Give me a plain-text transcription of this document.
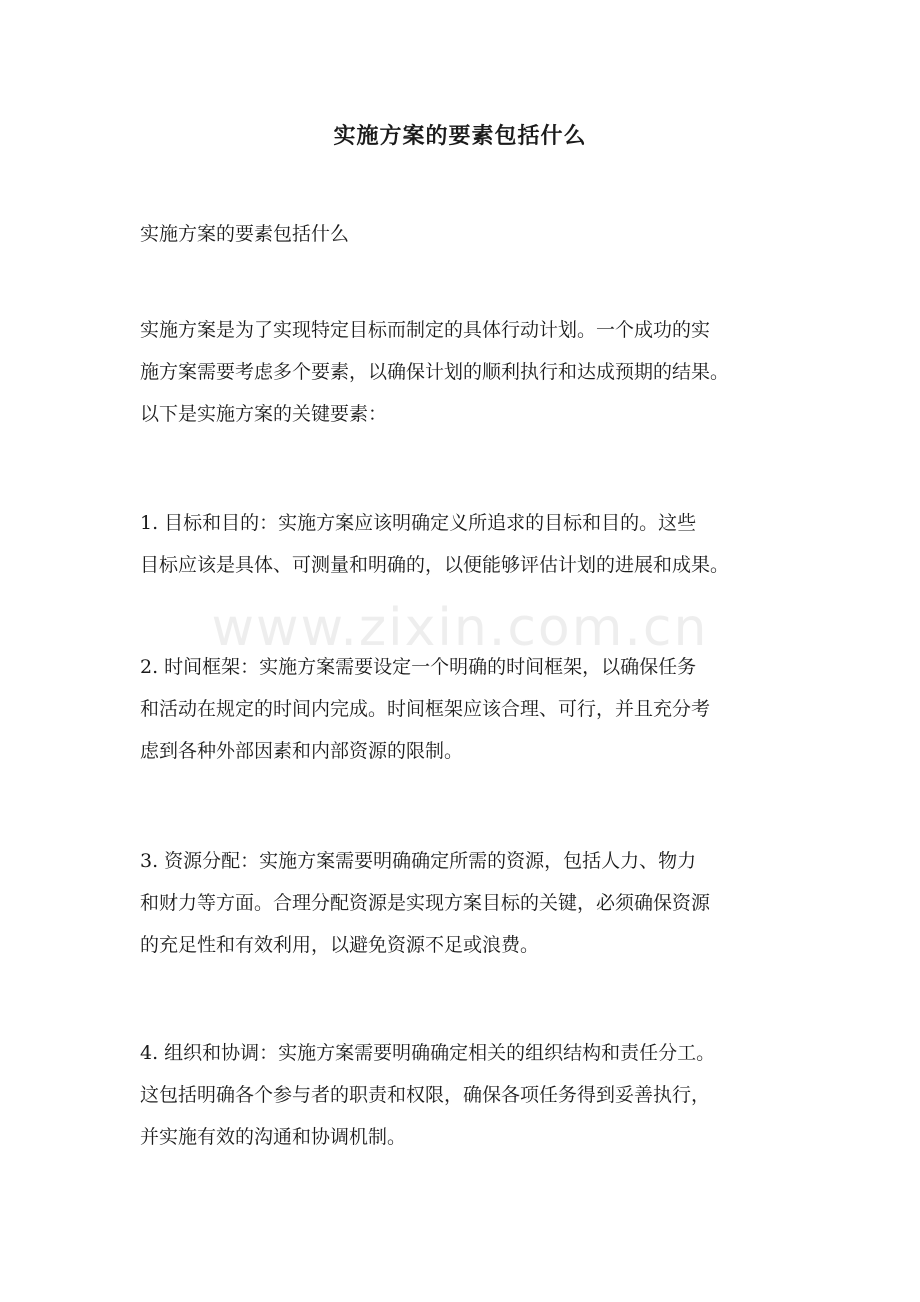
www.zixin.com.cn
实施方案的要素包括什么
实施方案的要素包括什么
实施方案是为了实现特定目标而制定的具体行动计划。一个成功的实
施方案需要考虑多个要素，以确保计划的顺利执行和达成预期的结果。
以下是实施方案的关键要素：
1. 目标和目的：实施方案应该明确定义所追求的目标和目的。这些
目标应该是具体、可测量和明确的，以便能够评估计划的进展和成果。
2. 时间框架：实施方案需要设定一个明确的时间框架，以确保任务
和活动在规定的时间内完成。时间框架应该合理、可行，并且充分考
虑到各种外部因素和内部资源的限制。
3. 资源分配：实施方案需要明确确定所需的资源，包括人力、物力
和财力等方面。合理分配资源是实现方案目标的关键，必须确保资源
的充足性和有效利用，以避免资源不足或浪费。
4. 组织和协调：实施方案需要明确确定相关的组织结构和责任分工。
这包括明确各个参与者的职责和权限，确保各项任务得到妥善执行，
并实施有效的沟通和协调机制。
